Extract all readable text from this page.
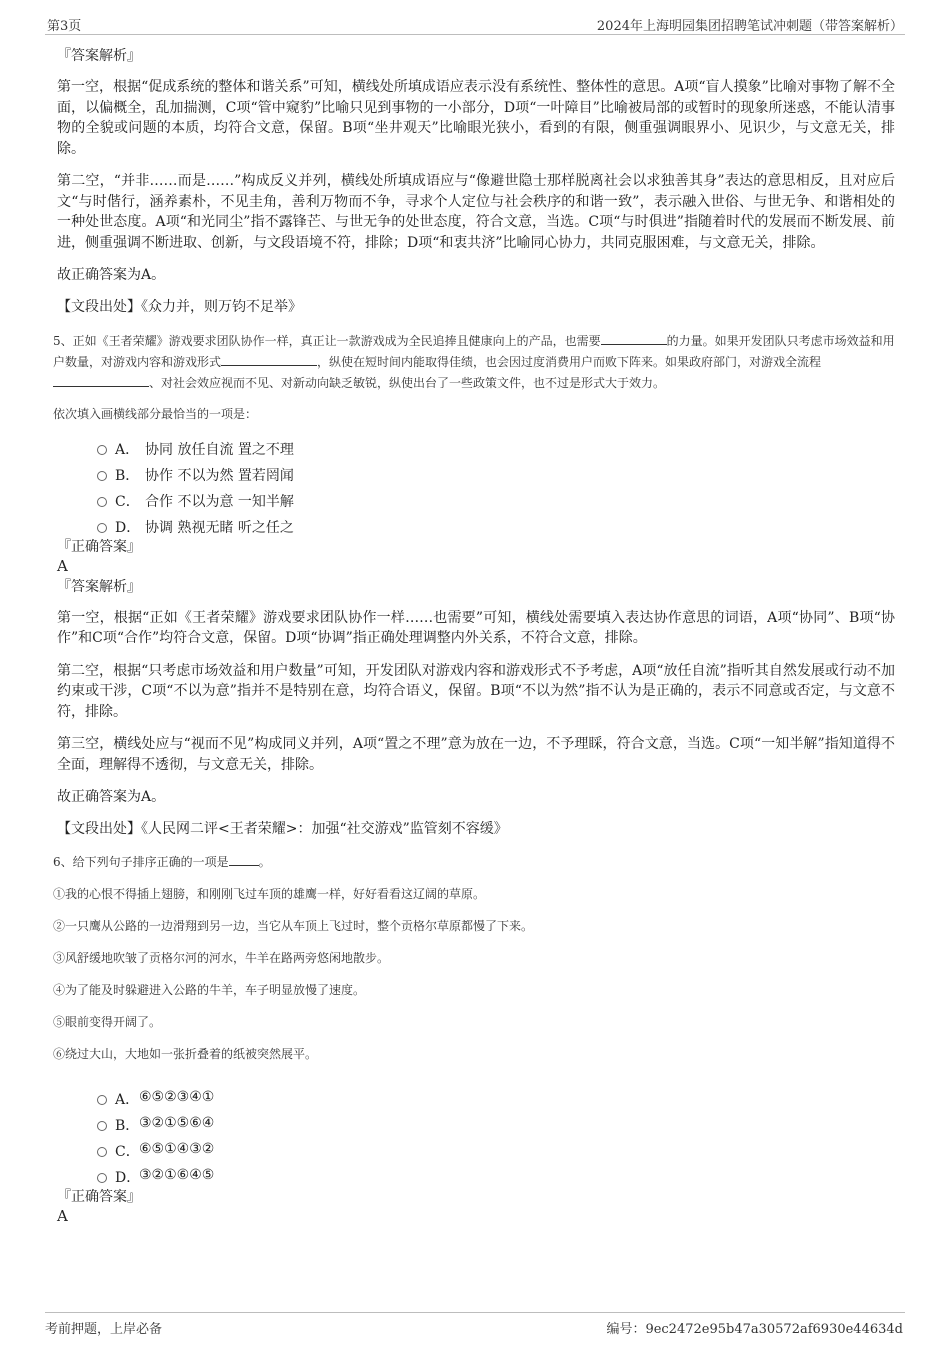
第3页	2024年上海明园集团招聘笔试冲刺题（带答案解析）

『答案解析』

第一空，根据“促成系统的整体和谐关系”可知，横线处所填成语应表示没有系统性、整体性的意思。A项“盲人摸象”比喻对事物了解不全面，以偏概全，乱加揣测，C项“管中窥豹”比喻只见到事物的一小部分，D项“一叶障目”比喻被局部的或暂时的现象所迷惑，不能认清事物的全貌或问题的本质，均符合文意，保留。B项“坐井观天”比喻眼光狭小，看到的有限，侧重强调眼界小、见识少，与文意无关，排除。

第二空，“并非……而是……”构成反义并列，横线处所填成语应与“像避世隐士那样脱离社会以求独善其身”表达的意思相反，且对应后文“与时偕行，涵养素朴，不见圭角，善利万物而不争，寻求个人定位与社会秩序的和谐一致”，表示融入世俗、与世无争、和谐相处的一种处世态度。A项“和光同尘”指不露锋芒、与世无争的处世态度，符合文意，当选。C项“与时俱进”指随着时代的发展而不断发展、前进，侧重强调不断进取、创新，与文段语境不符，排除；D项“和衷共济”比喻同心协力，共同克服困难，与文意无关，排除。

故正确答案为A。

【文段出处】《众力并，则万钧不足举》

5、正如《王者荣耀》游戏要求团队协作一样，真正让一款游戏成为全民追捧且健康向上的产品，也需要	的力量。如果开发团队只考虑市场效益和用户数量，对游戏内容和游戏形式	，纵使在短时间内能取得佳绩，也会因过度消费用户而败下阵来。如果政府部门，对游戏全流程、对社会效应视而不见、对新动向缺乏敏锐，纵使出台了一些政策文件，也不过是形式大于效力。

依次填入画横线部分最恰当的一项是：

A． 协同 放任自流 置之不理
B． 协作 不以为然 置若罔闻
C． 合作 不以为意 一知半解
D． 协调 熟视无睹 听之任之

『正确答案』

A

『答案解析』

第一空，根据“正如《王者荣耀》游戏要求团队协作一样……也需要”可知，横线处需要填入表达协作意思的词语，A项“协同”、B项“协作”和C项“合作”均符合文意，保留。D项“协调”指正确处理调整内外关系，不符合文意，排除。

第二空，根据“只考虑市场效益和用户数量”可知，开发团队对游戏内容和游戏形式不予考虑，A项“放任自流”指听其自然发展或行动不加约束或干涉，C项“不以为意”指并不是特别在意，均符合语义，保留。B项“不以为然”指不认为是正确的，表示不同意或否定，与文意不符，排除。

第三空，横线处应与“视而不见”构成同义并列，A项“置之不理”意为放在一边，不予理睬，符合文意，当选。C项“一知半解”指知道得不全面，理解得不透彻，与文意无关，排除。

故正确答案为A。

【文段出处】《人民网二评<王者荣耀>：加强“社交游戏”监管刻不容缓》

6、给下列句子排序正确的一项是	。

①我的心恨不得插上翅膀，和刚刚飞过车顶的雄鹰一样，好好看看这辽阔的草原。

②一只鹰从公路的一边滑翔到另一边，当它从车顶上飞过时，整个贡格尔草原都慢了下来。

③风舒缓地吹皱了贡格尔河的河水，牛羊在路两旁悠闲地散步。

④为了能及时躲避进入公路的牛羊，车子明显放慢了速度。

⑤眼前变得开阔了。

⑥绕过大山，大地如一张折叠着的纸被突然展平。

A． ⑥⑤②③④①
B． ③②①⑤⑥④
C． ⑥⑤①④③②
D．
③②①⑥④⑤

『正确答案』

A

考前押题，上岸必备	编号：9ec2472e95b47a30572af6930e44634d
